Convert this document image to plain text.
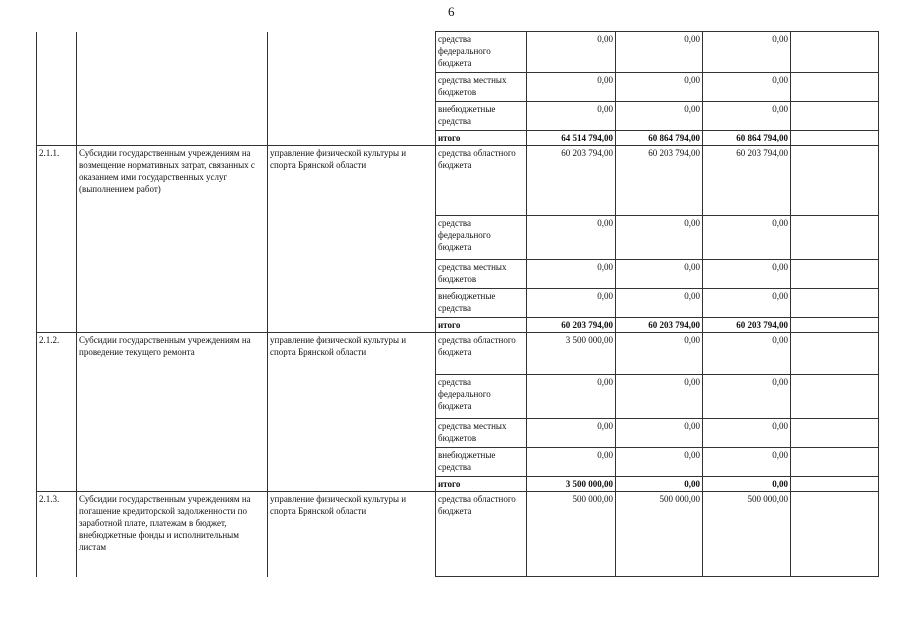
6
			средства федерального бюджета	0,00	0,00	0,00	
			средства местных бюджетов	0,00	0,00	0,00	
			внебюджетные средства	0,00	0,00	0,00	
			итого	64 514 794,00	60 864 794,00	60 864 794,00	
2.1.1.	Субсидии государственным учреждениям на возмещение нормативных затрат, связанных с оказанием ими государственных услуг (выполнением работ)	управление физической культуры и спорта Брянской области	средства областного бюджета	60 203 794,00	60 203 794,00	60 203 794,00	
			средства федерального бюджета	0,00	0,00	0,00	
			средства местных бюджетов	0,00	0,00	0,00	
			внебюджетные средства	0,00	0,00	0,00	
			итого	60 203 794,00	60 203 794,00	60 203 794,00	
2.1.2.	Субсидии государственным учреждениям на проведение текущего ремонта	управление физической культуры и спорта Брянской области	средства областного бюджета	3 500 000,00	0,00	0,00	
			средства федерального бюджета	0,00	0,00	0,00	
			средства местных бюджетов	0,00	0,00	0,00	
			внебюджетные средства	0,00	0,00	0,00	
			итого	3 500 000,00	0,00	0,00	
2.1.3.	Субсидии государственным учреждениям на погашение кредиторской задолженности по заработной плате, платежам в бюджет, внебюджетные фонды и исполнительным листам	управление физической культуры и спорта Брянской области	средства областного бюджета	500 000,00	500 000,00	500 000,00	
